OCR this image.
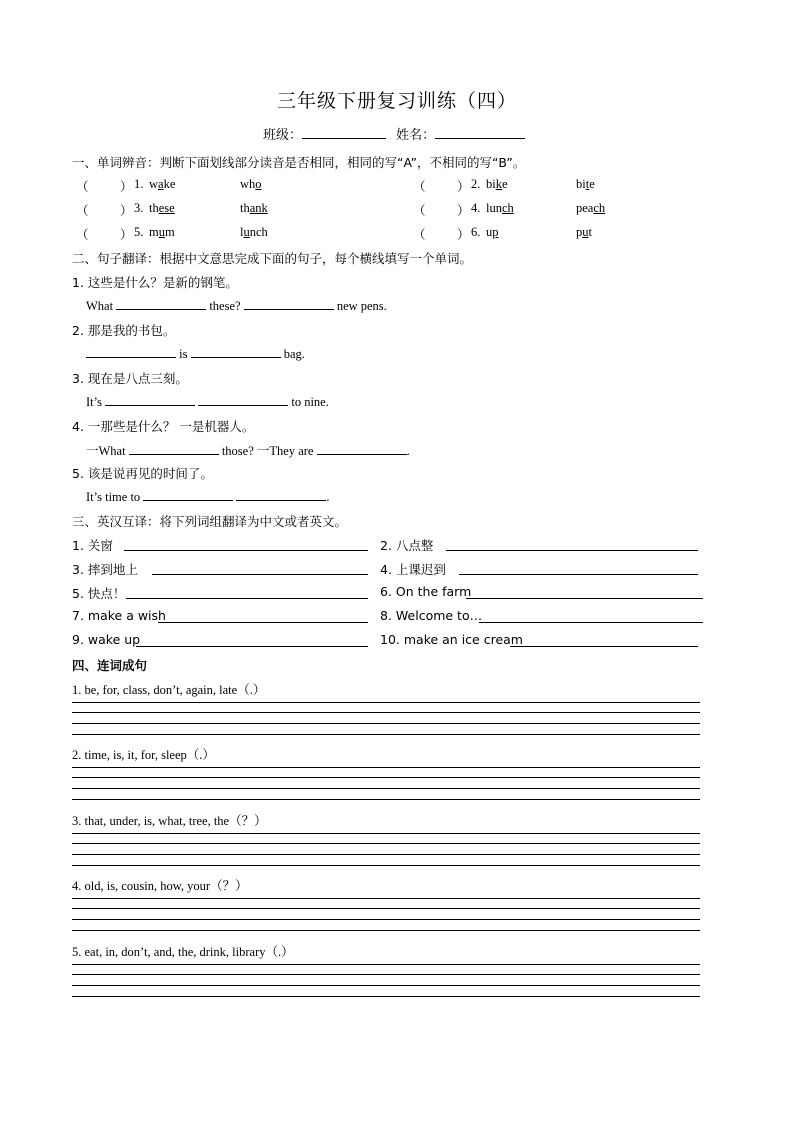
三年级下册复习训练（四）
班级：	姓名：
一、单词辨音：判断下面划线部分读音是否相同，相同的写“A”，不相同的写“B”。
（	） 1. wake	who	（	） 2. bike	bite
（	） 3. these	thank	（	） 4. lunch	peach
（	） 5. mum	lunch	（	） 6. up	put
二、句子翻译：根据中文意思完成下面的句子，每个横线填写一个单词。
1. 这些是什么？是新的钢笔。
What	these?	new pens.
2. 那是我的书包。
is	bag.
3. 现在是八点三刻。
It’s	to nine.
4. 一那些是什么？ 一是机器人。
一What	those? 一They are	.
5. 该是说再见的时间了。
It’s time to	.
三、英汉互译：将下列词组翻译为中文或者英文。
1. 关窗	2. 八点整
3. 摔到地上	4. 上课迟到
5. 快点！	6. On the farm
7. make a wish	8. Welcome to…
9. wake up	10. make an ice cream
四、连词成句
1. be, for, class, don’t, again, late（.）
2. time, is, it, for, sleep（.）
3. that, under, is, what, tree, the（？）
4. old, is, cousin, how, your（？）
5. eat, in, don’t, and, the, drink, library（.）
